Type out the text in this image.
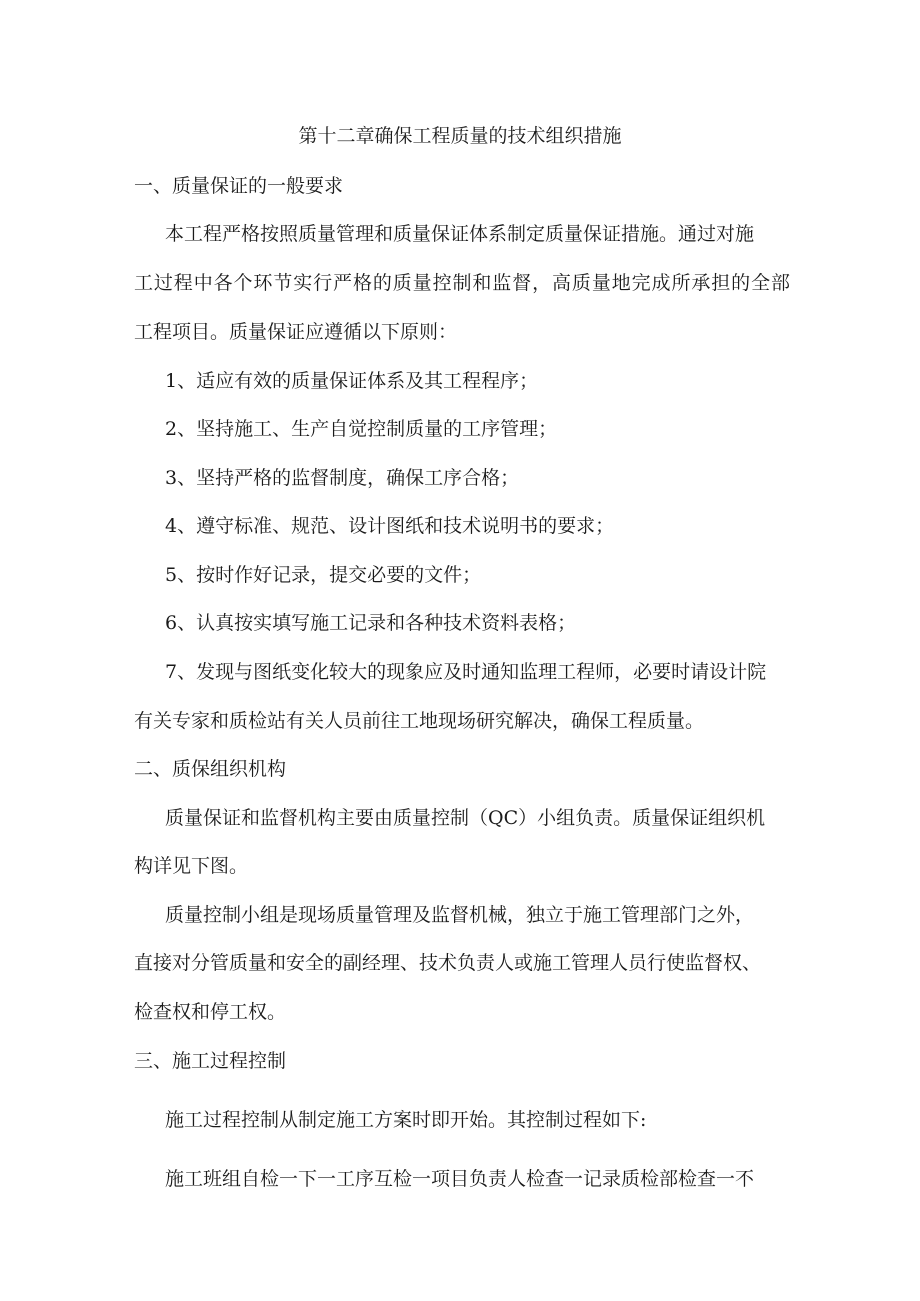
第十二章确保工程质量的技术组织措施
一、质量保证的一般要求
本工程严格按照质量管理和质量保证体系制定质量保证措施。通过对施
工过程中各个环节实行严格的质量控制和监督，高质量地完成所承担的全部
工程项目。质量保证应遵循以下原则：
1、适应有效的质量保证体系及其工程程序；
2、坚持施工、生产自觉控制质量的工序管理；
3、坚持严格的监督制度，确保工序合格；
4、遵守标准、规范、设计图纸和技术说明书的要求；
5、按时作好记录，提交必要的文件；
6、认真按实填写施工记录和各种技术资料表格；
7、发现与图纸变化较大的现象应及时通知监理工程师，必要时请设计院
有关专家和质检站有关人员前往工地现场研究解决，确保工程质量。
二、质保组织机构
质量保证和监督机构主要由质量控制（QC）小组负责。质量保证组织机
构详见下图。
质量控制小组是现场质量管理及监督机械，独立于施工管理部门之外，
直接对分管质量和安全的副经理、技术负责人或施工管理人员行使监督权、
检查权和停工权。
三、施工过程控制
施工过程控制从制定施工方案时即开始。其控制过程如下:
施工班组自检一下一工序互检一项目负责人检查一记录质检部检查一不
